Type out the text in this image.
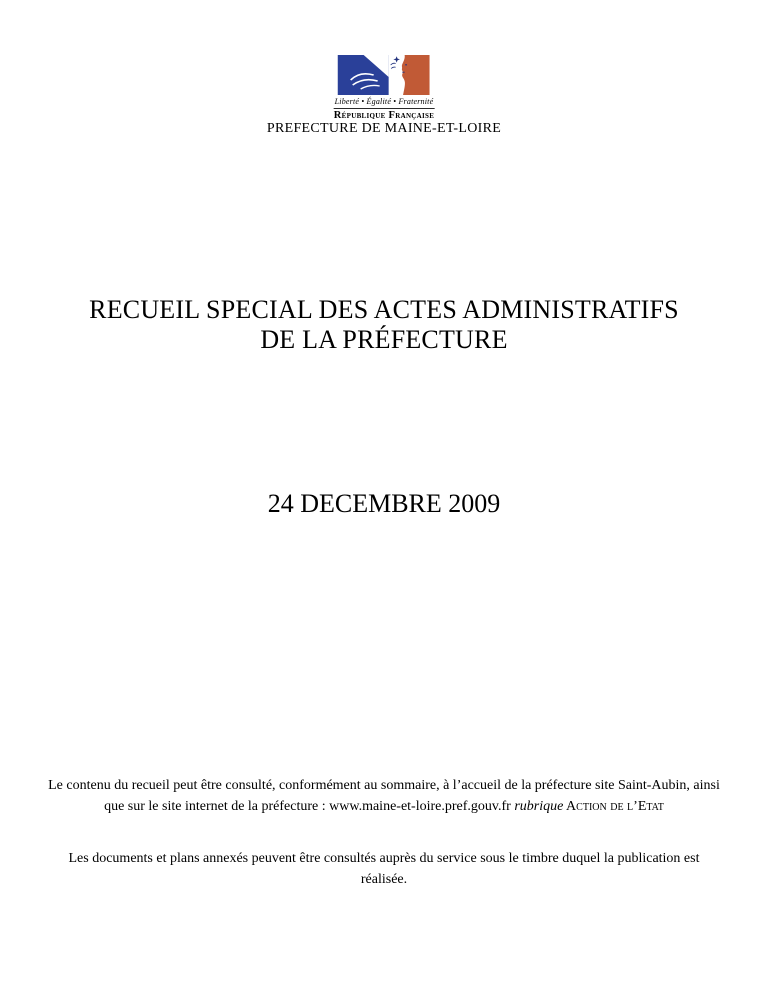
Liberté • Égalité • Fraternité
République Française
PREFECTURE DE MAINE-ET-LOIRE
RECUEIL SPECIAL DES ACTES ADMINISTRATIFS
DE LA PRÉFECTURE
24 DECEMBRE 2009

Le contenu du recueil peut être consulté, conformément au sommaire, à l’accueil de la préfecture site Saint-Aubin, ainsi que sur le site internet de la préfecture : www.maine-et-loire.pref.gouv.fr rubrique Action de l’Etat

Les documents et plans annexés peuvent être consultés auprès du service sous le timbre duquel la publication est réalisée.
